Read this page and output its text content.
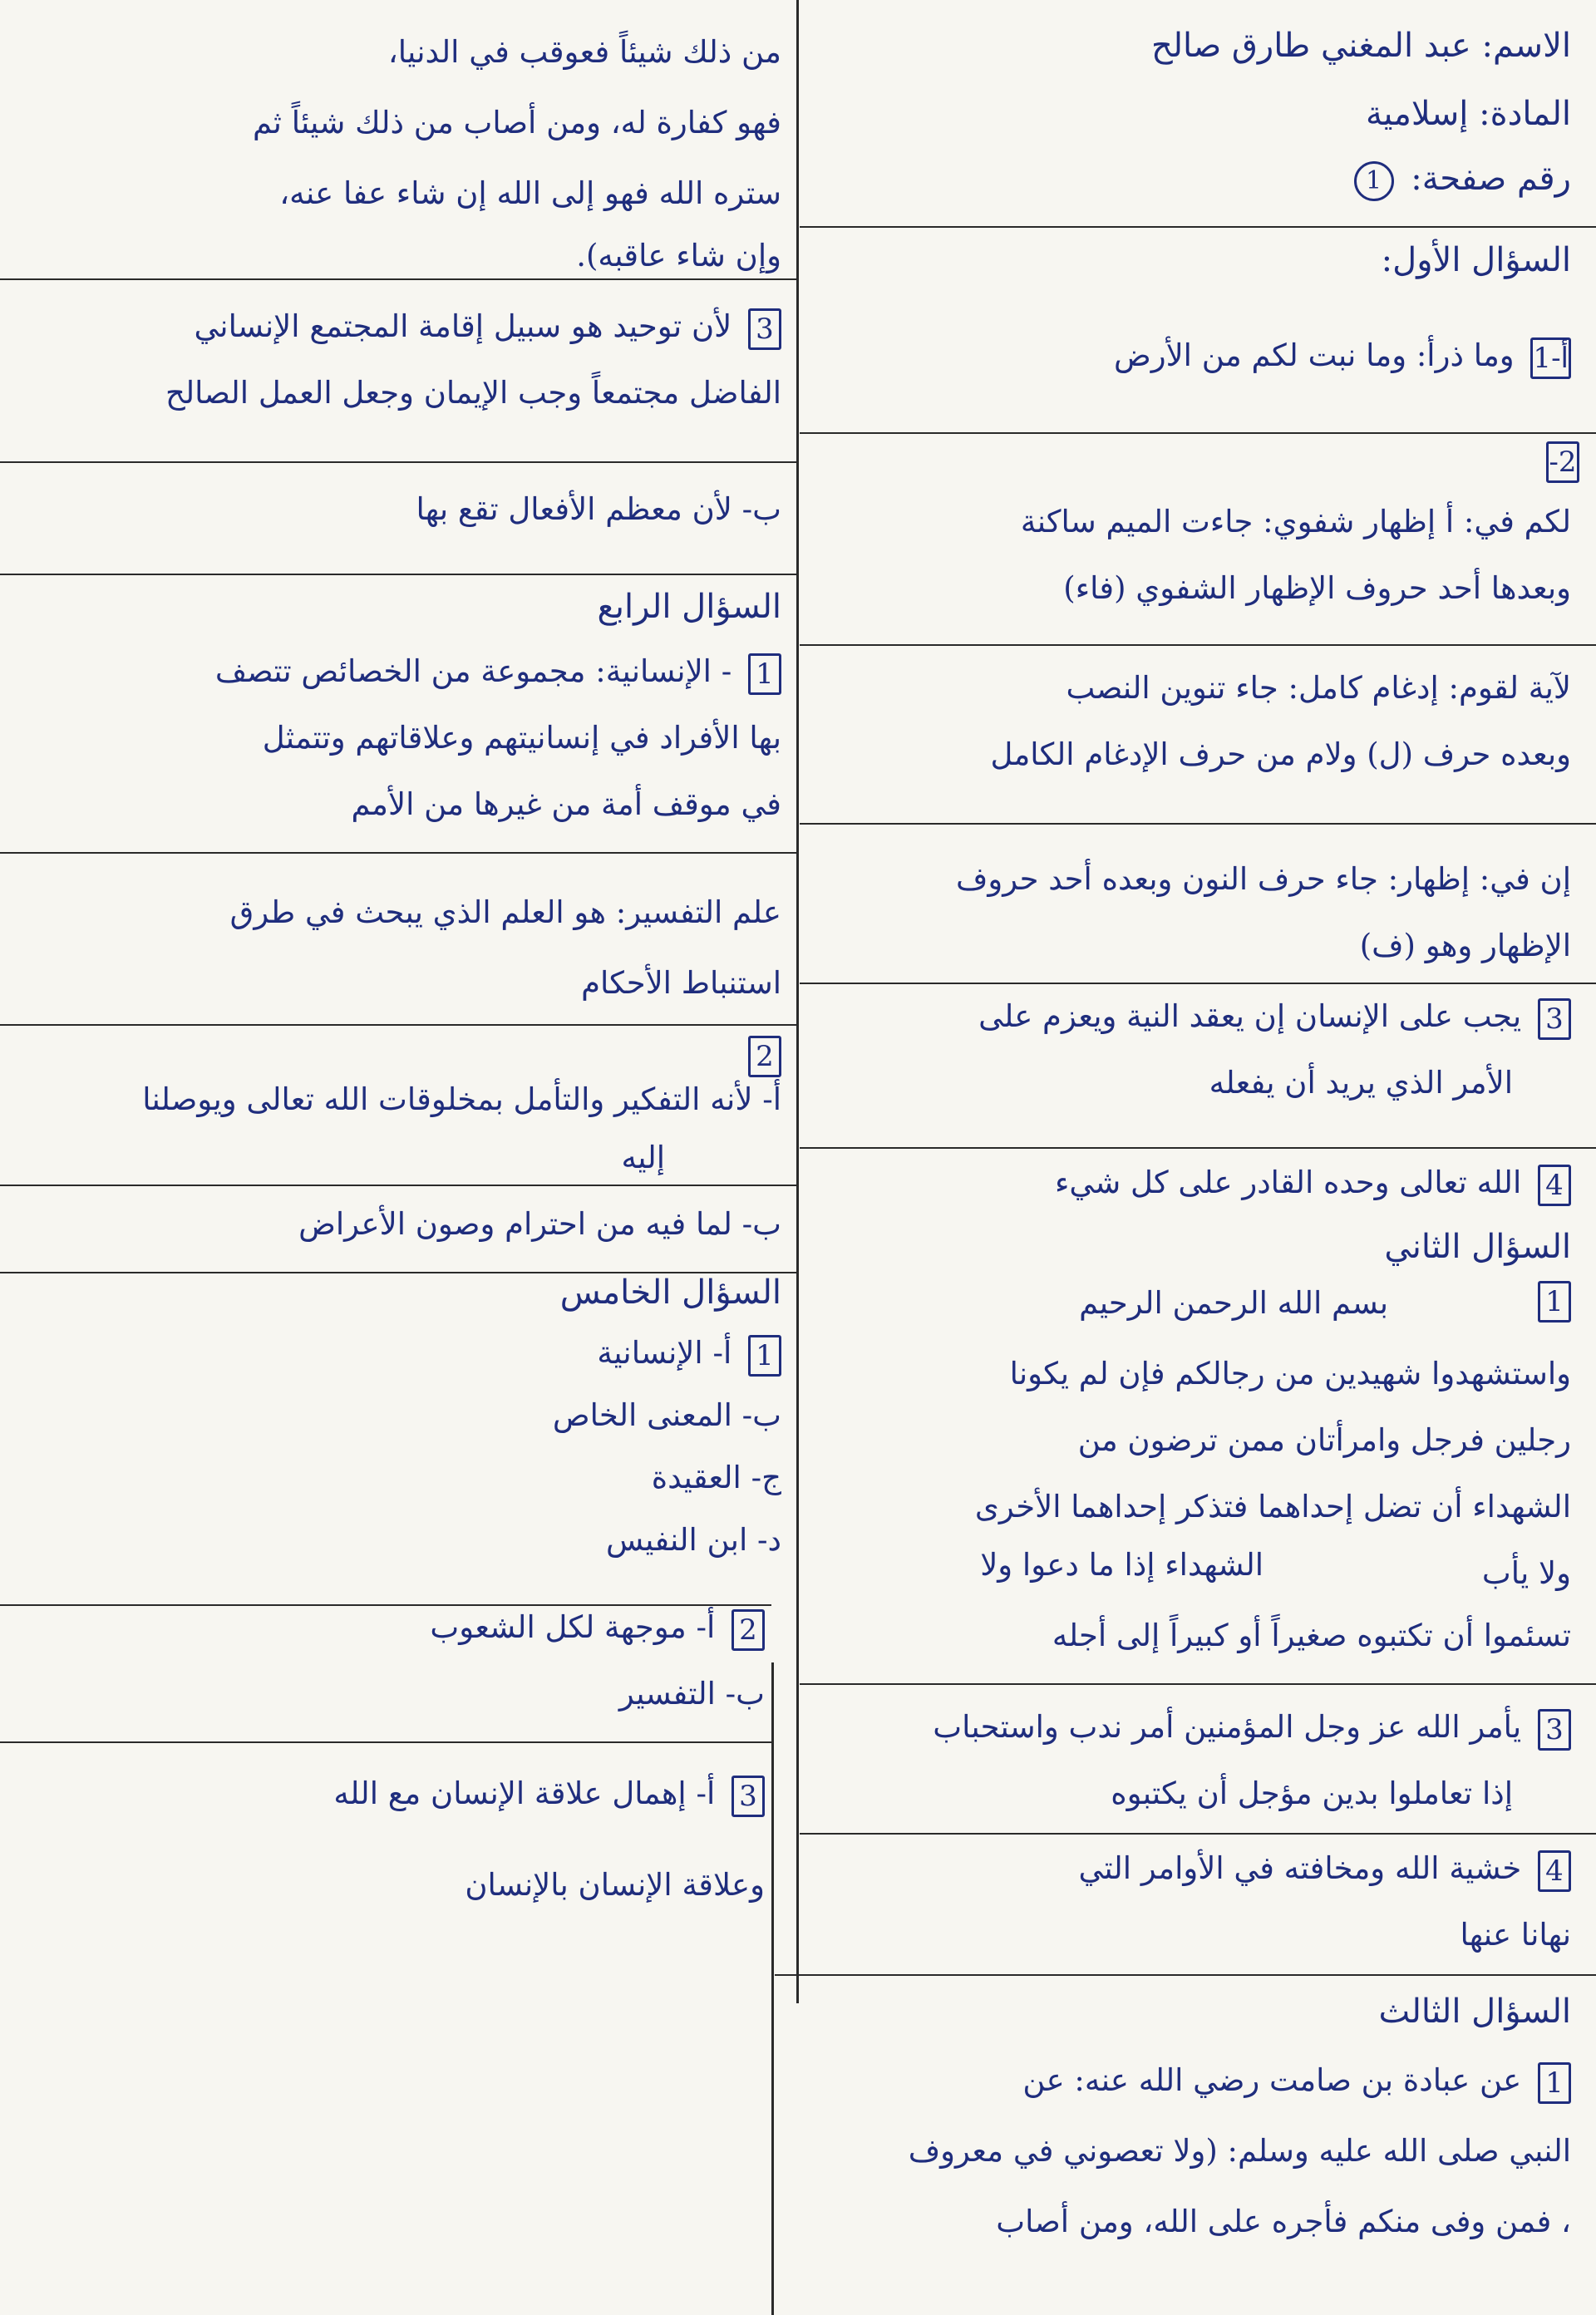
الاسم: عبد المغني طارق صالح
المادة: إسلامية
رقم صفحة: 1
السؤال الأول:
أ-1 وما ذرأ: وما نبت لكم من الأرض
2-
لكم في: أ إظهار شفوي: جاءت الميم ساكنة
وبعدها أحد حروف الإظهار الشفوي (فاء)
لآية لقوم: إدغام كامل: جاء تنوين النصب
وبعده حرف (ل) ولام من حرف الإدغام الكامل
إن في: إظهار: جاء حرف النون وبعده أحد حروف
الإظهار وهو (ف)
3 يجب على الإنسان إن يعقد النية ويعزم على
الأمر الذي يريد أن يفعله
4 الله تعالى وحده القادر على كل شيء
السؤال الثاني
1
بسم الله الرحمن الرحيم
واستشهدوا شهيدين من رجالكم فإن لم يكونا
رجلين فرجل وامرأتان ممن ترضون من
الشهداء أن تضل إحداهما فتذكر إحداهما الأخرى
ولا يأب
الشهداء إذا ما دعوا ولا
تسئموا أن تكتبوه صغيراً أو كبيراً إلى أجله
3 يأمر الله عز وجل المؤمنين أمر ندب واستحباب
إذا تعاملوا بدين مؤجل أن يكتبوه
4 خشية الله ومخافته في الأوامر التي
نهانا عنها
السؤال الثالث
1 عن عبادة بن صامت رضي الله عنه: عن
النبي صلى الله عليه وسلم: (ولا تعصوني في معروف
، فمن وفى منكم فأجره على الله، ومن أصاب
من ذلك شيئاً فعوقب في الدنيا،
فهو كفارة له، ومن أصاب من ذلك شيئاً ثم
ستره الله فهو إلى الله إن شاء عفا عنه،
وإن شاء عاقبه).
3 لأن توحيد هو سبيل إقامة المجتمع الإنساني
الفاضل مجتمعاً وجب الإيمان وجعل العمل الصالح
ب- لأن معظم الأفعال تقع بها
السؤال الرابع
1 - الإنسانية: مجموعة من الخصائص تتصف
بها الأفراد في إنسانيتهم وعلاقاتهم وتتمثل
في موقف أمة من غيرها من الأمم
علم التفسير: هو العلم الذي يبحث في طرق
استنباط الأحكام
2
أ- لأنه التفكير والتأمل بمخلوقات الله تعالى ويوصلنا
إليه
ب- لما فيه من احترام وصون الأعراض
السؤال الخامس
1 أ- الإنسانية
ب- المعنى الخاص
ج- العقيدة
د- ابن النفيس
2 أ- موجهة لكل الشعوب
ب- التفسير
3 أ- إهمال علاقة الإنسان مع الله
وعلاقة الإنسان بالإنسان
